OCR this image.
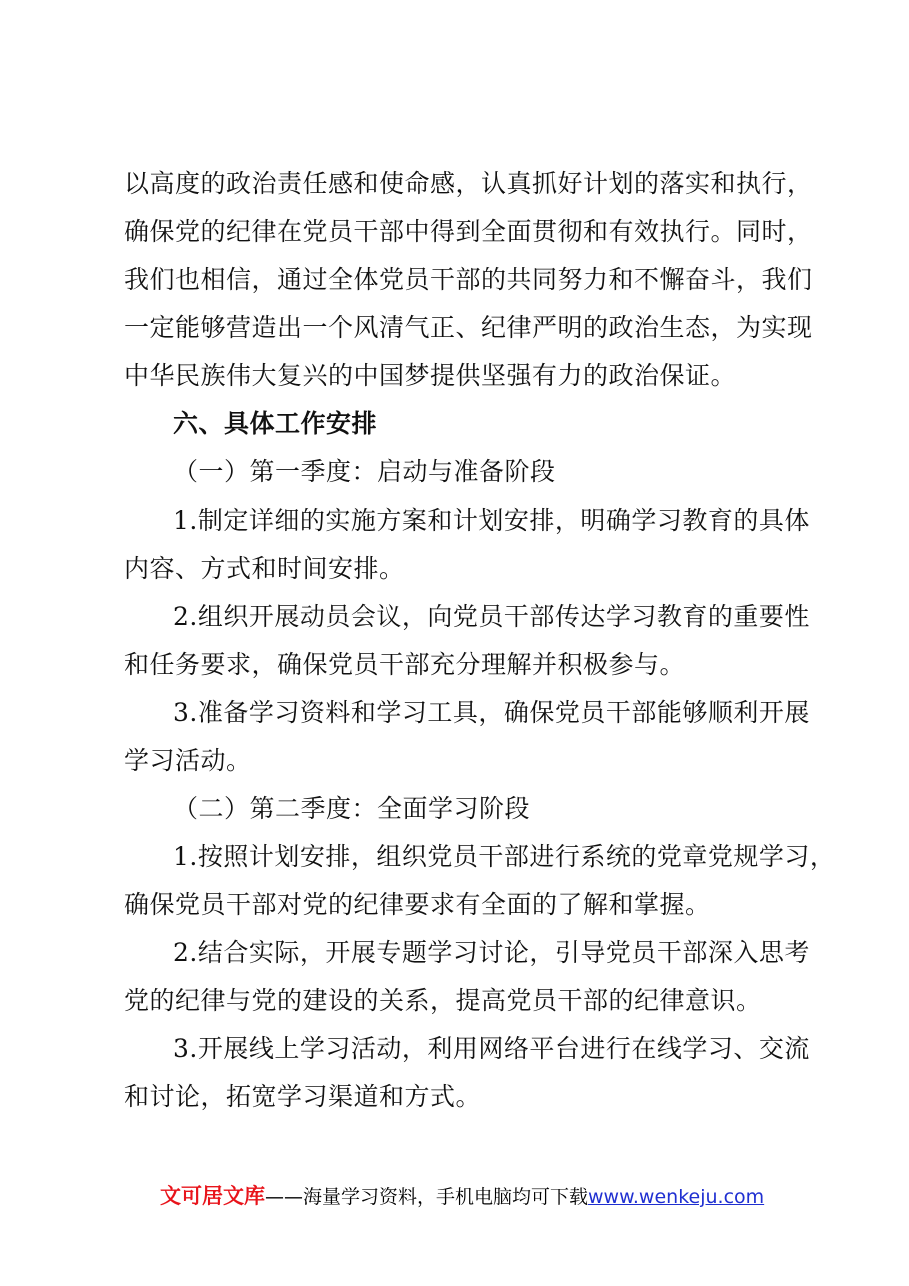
以高度的政治责任感和使命感，认真抓好计划的落实和执行，
确保党的纪律在党员干部中得到全面贯彻和有效执行。同时，
我们也相信，通过全体党员干部的共同努力和不懈奋斗，我们
一定能够营造出一个风清气正、纪律严明的政治生态，为实现
中华民族伟大复兴的中国梦提供坚强有力的政治保证。
六、具体工作安排
（一）第一季度：启动与准备阶段
1.制定详细的实施方案和计划安排，明确学习教育的具体
内容、方式和时间安排。
2.组织开展动员会议，向党员干部传达学习教育的重要性
和任务要求，确保党员干部充分理解并积极参与。
3.准备学习资料和学习工具，确保党员干部能够顺利开展
学习活动。
（二）第二季度：全面学习阶段
1.按照计划安排，组织党员干部进行系统的党章党规学习，
确保党员干部对党的纪律要求有全面的了解和掌握。
2.结合实际，开展专题学习讨论，引导党员干部深入思考
党的纪律与党的建设的关系，提高党员干部的纪律意识。
3.开展线上学习活动，利用网络平台进行在线学习、交流
和讨论，拓宽学习渠道和方式。
文可居文库——海量学习资料，手机电脑均可下载www.wenkeju.com
